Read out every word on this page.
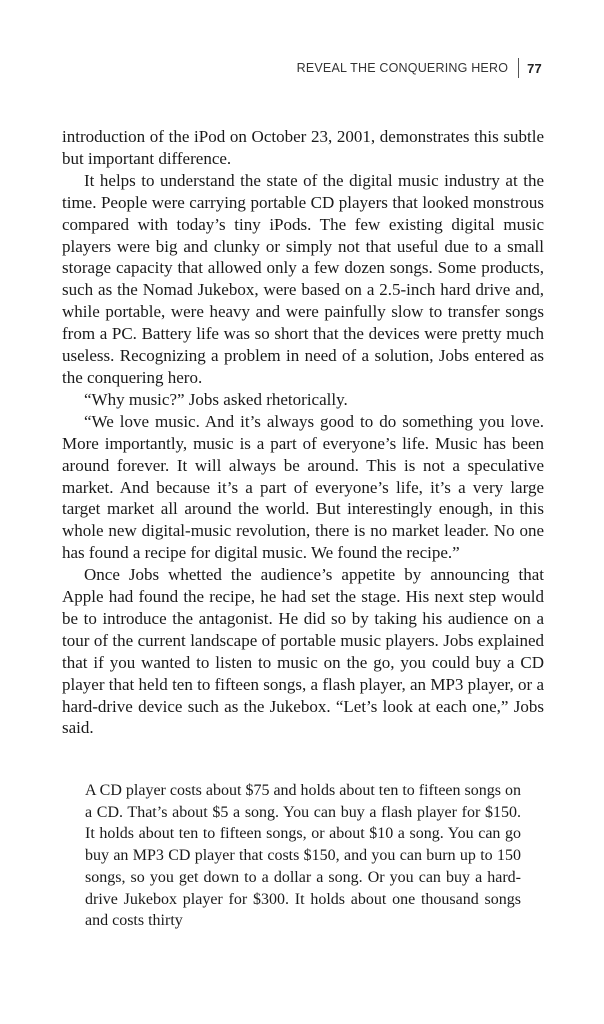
REVEAL THE CONQUERING HERO 77

introduction of the iPod on October 23, 2001, demonstrates this subtle but important difference.

It helps to understand the state of the digital music industry at the time. People were carrying portable CD players that looked monstrous compared with today’s tiny iPods. The few existing digital music players were big and clunky or simply not that useful due to a small storage capacity that allowed only a few dozen songs. Some products, such as the Nomad Jukebox, were based on a 2.5-inch hard drive and, while portable, were heavy and were painfully slow to transfer songs from a PC. Battery life was so short that the devices were pretty much useless. Recognizing a problem in need of a solution, Jobs entered as the conquering hero.

“Why music?” Jobs asked rhetorically.

“We love music. And it’s always good to do something you love. More importantly, music is a part of everyone’s life. Music has been around forever. It will always be around. This is not a speculative market. And because it’s a part of everyone’s life, it’s a very large target market all around the world. But interestingly enough, in this whole new digital-music revolution, there is no market leader. No one has found a recipe for digital music. We found the recipe.”

Once Jobs whetted the audience’s appetite by announcing that Apple had found the recipe, he had set the stage. His next step would be to introduce the antagonist. He did so by taking his audience on a tour of the current landscape of portable music players. Jobs explained that if you wanted to listen to music on the go, you could buy a CD player that held ten to fifteen songs, a flash player, an MP3 player, or a hard-drive device such as the Jukebox. “Let’s look at each one,” Jobs said.

A CD player costs about $75 and holds about ten to fifteen songs on a CD. That’s about $5 a song. You can buy a flash player for $150. It holds about ten to fifteen songs, or about $10 a song. You can go buy an MP3 CD player that costs $150, and you can burn up to 150 songs, so you get down to a dollar a song. Or you can buy a hard-drive Jukebox player for $300. It holds about one thousand songs and costs thirty
